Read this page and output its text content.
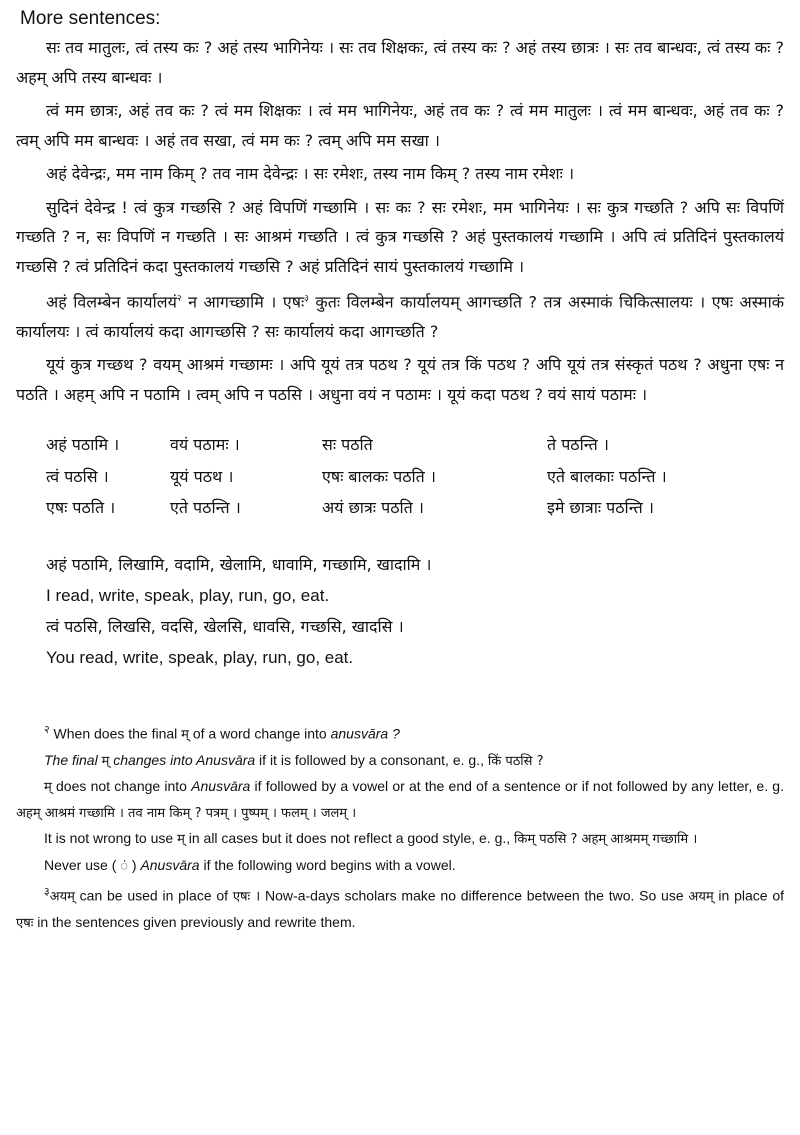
More sentences:

सः तव मातुलः, त्वं तस्य कः ? अहं तस्य भागिनेयः । सः तव शिक्षकः, त्वं तस्य कः ? अहं तस्य छात्रः । सः तव बान्धवः, त्वं तस्य कः ? अहम् अपि तस्य बान्धवः ।

त्वं मम छात्रः, अहं तव कः ? त्वं मम शिक्षकः । त्वं मम भागिनेयः, अहं तव कः ? त्वं मम मातुलः । त्वं मम बान्धवः, अहं तव कः ? त्वम् अपि मम बान्धवः । अहं तव सखा, त्वं मम कः ? त्वम् अपि मम सखा ।

अहं देवेन्द्रः, मम नाम किम् ? तव नाम देवेन्द्रः । सः रमेशः, तस्य नाम किम् ? तस्य नाम रमेशः ।

सुदिनं देवेन्द्र ! त्वं कुत्र गच्छसि ? अहं विपणिं गच्छामि । सः कः ? सः रमेशः, मम भागिनेयः । सः कुत्र गच्छति ? अपि सः विपणिं गच्छति ? न, सः विपणिं न गच्छति । सः आश्रमं गच्छति । त्वं कुत्र गच्छसि ? अहं पुस्तकालयं गच्छामि । अपि त्वं प्रतिदिनं पुस्तकालयं गच्छसि ? त्वं प्रतिदिनं कदा पुस्तकालयं गच्छसि ? अहं प्रतिदिनं सायं पुस्तकालयं गच्छामि ।

अहं विलम्बेन कार्यालयं$^२$ न आगच्छामि । एषः$^३$ कुतः विलम्बेन कार्यालयम् आगच्छति ? तत्र अस्माकं चिकित्सालयः । एषः अस्माकं कार्यालयः । त्वं कार्यालयं कदा आगच्छसि ? सः कार्यालयं कदा आगच्छति ?

यूयं कुत्र गच्छथ ? वयम् आश्रमं गच्छामः । अपि यूयं तत्र पठथ ? यूयं तत्र किं पठथ ? अपि यूयं तत्र संस्कृतं पठथ ? अधुना एषः न पठति । अहम् अपि न पठामि । त्वम् अपि न पठसि । अधुना वयं न पठामः । यूयं कदा पठथ ? वयं सायं पठामः ।

अहं पठामि ।	वयं पठामः ।	सः पठति	ते पठन्ति ।
त्वं पठसि ।	यूयं पठथ ।	एषः बालकः पठति ।	एते बालकाः पठन्ति ।
एषः पठति ।	एते पठन्ति ।	अयं छात्रः पठति ।	इमे छात्राः पठन्ति ।
अहं पठामि, लिखामि, वदामि, खेलामि, धावामि, गच्छामि, खादामि ।
I read, write, speak, play, run, go, eat.
त्वं पठसि, लिखसि, वदसि, खेलसि, धावसि, गच्छसि, खादसि ।
You read, write, speak, play, run, go, eat.

$^२$ When does the final म् of a word change into anusvāra ?

The final म् changes into Anusvāra if it is followed by a consonant, e. g., किं पठसि ?

म् does not change into Anusvāra if followed by a vowel or at the end of a sentence or if not followed by any letter, e. g. अहम् आश्रमं गच्छामि । तव नाम किम् ? पत्रम् । पुष्पम् । फलम् । जलम् ।

It is not wrong to use म् in all cases but it does not reflect a good style, e. g., किम् पठसि ? अहम् आश्रमम् गच्छामि ।

Never use ( ं ) Anusvāra if the following word begins with a vowel.

$^३$अयम् can be used in place of एषः । Now-a-days scholars make no difference between the two. So use अयम् in place of एषः in the sentences given previously and rewrite them.
